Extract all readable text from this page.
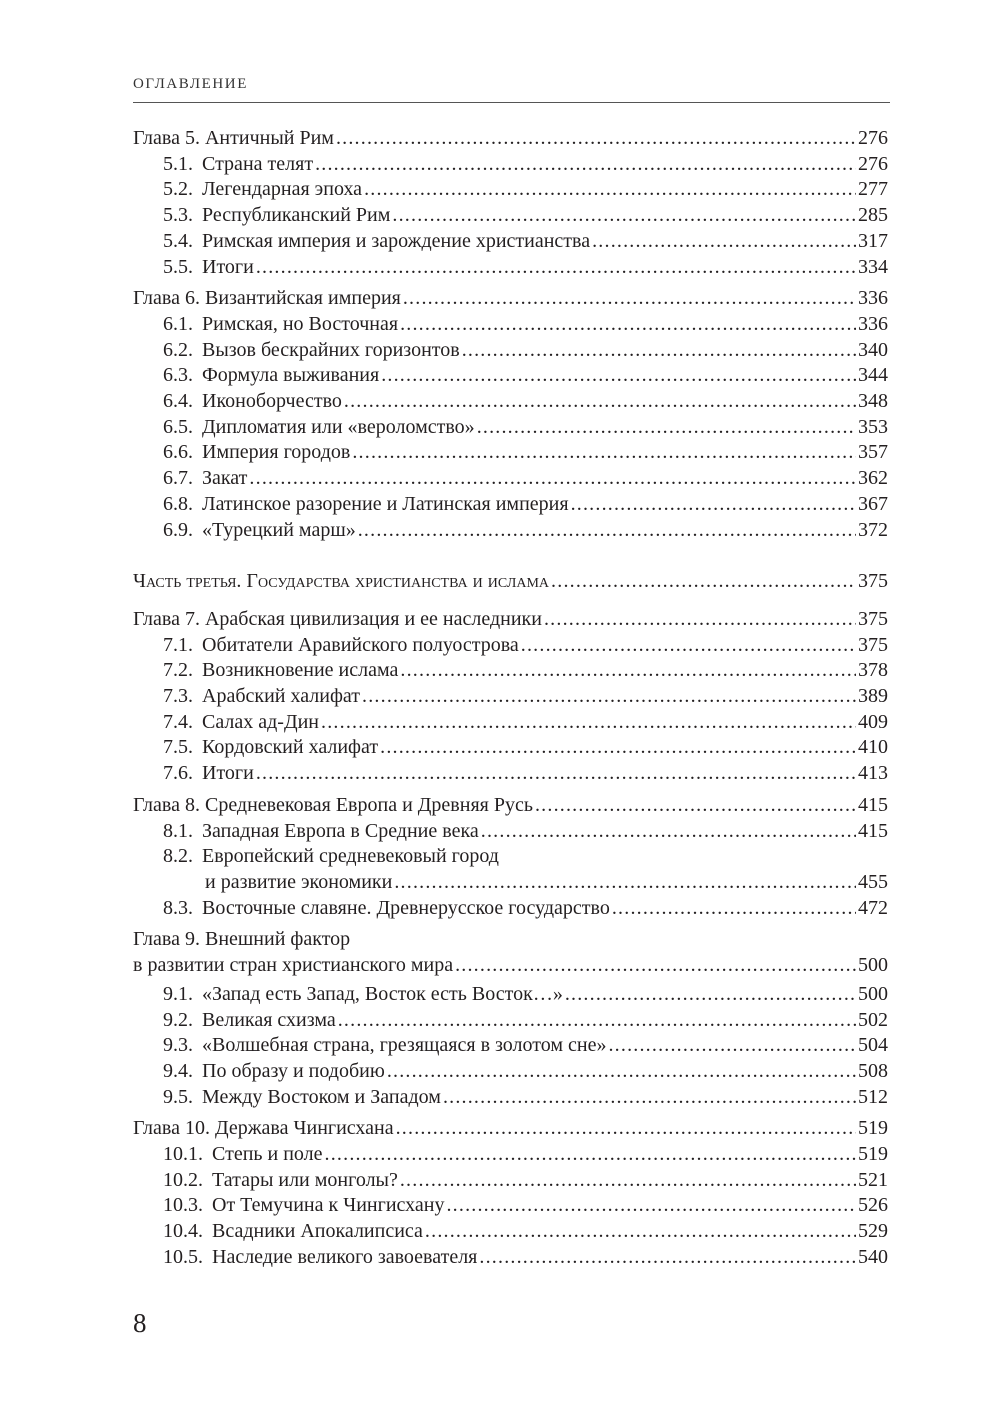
ОГЛАВЛЕНИЕ
Глава 5. Античный Рим .....	276
5.1. Страна телят .....	276
5.2. Легендарная эпоха .....	277
5.3. Республиканский Рим .....	285
5.4. Римская империя и зарождение христианства .....	317
5.5. Итоги .....	334
Глава 6. Византийская империя .....	336
6.1. Римская, но Восточная .....	336
6.2. Вызов бескрайних горизонтов .....	340
6.3. Формула выживания .....	344
6.4. Иконоборчество .....	348
6.5. Дипломатия или «вероломство» .....	353
6.6. Империя городов .....	357
6.7. Закат .....	362
6.8. Латинское разорение и Латинская империя .....	367
6.9. «Турецкий марш» .....	372
Часть третья. Государства христианства и ислама .....	375
Глава 7. Арабская цивилизация и ее наследники .....	375
7.1. Обитатели Аравийского полуострова .....	375
7.2. Возникновение ислама .....	378
7.3. Арабский халифат .....	389
7.4. Салах ад-Дин .....	409
7.5. Кордовский халифат .....	410
7.6. Итоги .....	413
Глава 8. Средневековая Европа и Древняя Русь .....	415
8.1. Западная Европа в Средние века .....	415
8.2. Европейский средневековый город
и развитие экономики .....	455
8.3. Восточные славяне. Древнерусское государство .....	472
Глава 9. Внешний фактор
в развитии стран христианского мира .....	500
9.1. «Запад есть Запад, Восток есть Восток…» .....	500
9.2. Великая схизма .....	502
9.3. «Волшебная страна, грезящаяся в золотом сне» .....	504
9.4. По образу и подобию .....	508
9.5. Между Востоком и Западом .....	512
Глава 10. Держава Чингисхана .....	519
10.1. Степь и поле .....	519
10.2. Татары или монголы? .....	521
10.3. От Темучина к Чингисхану .....	526
10.4. Всадники Апокалипсиса .....	529
10.5. Наследие великого завоевателя .....	540
8
